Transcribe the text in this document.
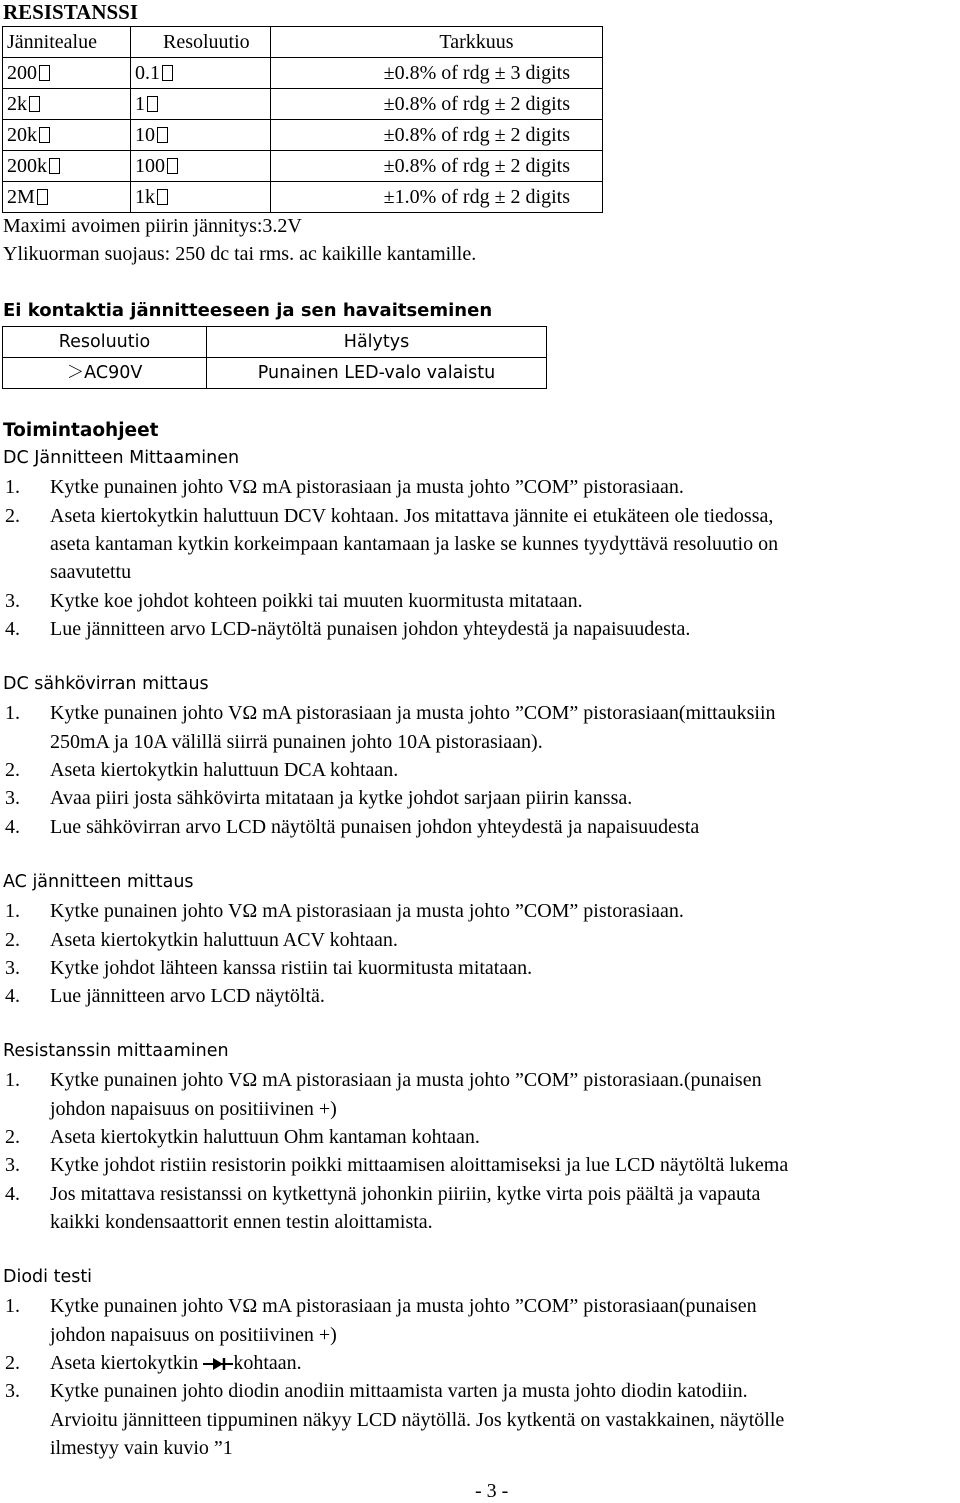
RESISTANSSI
Jännitealue	Resoluutio	Tarkkuus
200	0.1	±0.8% of rdg ± 3 digits
2k	1	±0.8% of rdg ± 2 digits
20k	10	±0.8% of rdg ± 2 digits
200k	100	±0.8% of rdg ± 2 digits
2M	1k	±1.0% of rdg ± 2 digits
Maximi avoimen piirin jännitys:3.2V
Ylikuorman suojaus: 250 dc tai rms. ac kaikille kantamille.
Ei kontaktia jännitteeseen ja sen havaitseminen
Resoluutio	Hälytys
＞AC90V	Punainen LED-valo valaistu
Toimintaohjeet
DC Jännitteen Mittaaminen
1. Kytke punainen johto VΩ mA pistorasiaan ja musta johto ”COM” pistorasiaan.
2. Aseta kiertokytkin haluttuun DCV kohtaan. Jos mitattava jännite ei etukäteen ole tiedossa,
aseta kantaman kytkin korkeimpaan kantamaan ja laske se kunnes tyydyttävä resoluutio on
saavutettu
3. Kytke koe johdot kohteen poikki tai muuten kuormitusta mitataan.
4. Lue jännitteen arvo LCD-näytöltä punaisen johdon yhteydestä ja napaisuudesta.
DC sähkövirran mittaus
1. Kytke punainen johto VΩ mA pistorasiaan ja musta johto ”COM” pistorasiaan(mittauksiin
250mA ja 10A välillä siirrä punainen johto 10A pistorasiaan).
2. Aseta kiertokytkin haluttuun DCA kohtaan.
3. Avaa piiri josta sähkövirta mitataan ja kytke johdot sarjaan piirin kanssa.
4. Lue sähkövirran arvo LCD näytöltä punaisen johdon yhteydestä ja napaisuudesta
AC jännitteen mittaus
1. Kytke punainen johto VΩ mA pistorasiaan ja musta johto ”COM” pistorasiaan.
2. Aseta kiertokytkin haluttuun ACV kohtaan.
3. Kytke johdot lähteen kanssa ristiin tai kuormitusta mitataan.
4. Lue jännitteen arvo LCD näytöltä.
Resistanssin mittaaminen
1. Kytke punainen johto VΩ mA pistorasiaan ja musta johto ”COM” pistorasiaan.(punaisen
johdon napaisuus on positiivinen +)
2. Aseta kiertokytkin haluttuun Ohm kantaman kohtaan.
3. Kytke johdot ristiin resistorin poikki mittaamisen aloittamiseksi ja lue LCD näytöltä lukema
4. Jos mitattava resistanssi on kytkettynä johonkin piiriin, kytke virta pois päältä ja vapauta
kaikki kondensaattorit ennen testin aloittamista.
Diodi testi
1. Kytke punainen johto VΩ mA pistorasiaan ja musta johto ”COM” pistorasiaan(punaisen
johdon napaisuus on positiivinen +)
2. Aseta kiertokytkin kohtaan.
3. Kytke punainen johto diodin anodiin mittaamista varten ja musta johto diodin katodiin.
Arvioitu jännitteen tippuminen näkyy LCD näytöllä. Jos kytkentä on vastakkainen, näytölle
ilmestyy vain kuvio ”1
- 3 -
